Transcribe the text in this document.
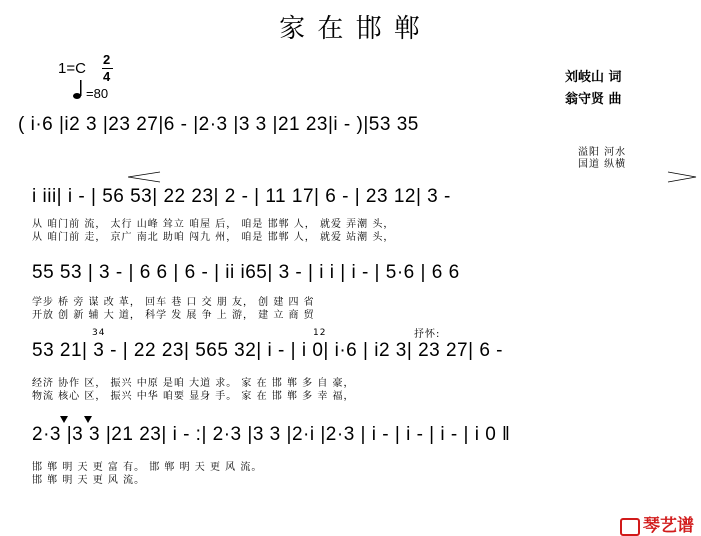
家 在 邯 郸
1=C
2
4
=80
刘岐山 词
翁守贤 曲
( i·6 |i2 3 |23 27|6 - |2·3 |3 3 |21 23|i - )|53 35
溢阳 河水
国道 纵横
i iii| i - | 56 53| 22 23| 2 - | 11 17| 6 - | 23 12| 3 -
从 咱门前 流， 太行 山峰 耸立 咱屋 后， 咱是 邯郸 人， 就爱 弄潮 头，
从 咱门前 走， 京广 南北 助咱 闯九 州， 咱是 邯郸 人， 就爱 站潮 头，
55 53 | 3 - | 6 6 | 6 - | ii i65| 3 - | i i | i - | 5·6 | 6 6
学步 桥 旁 谋 改 革， 回车 巷 口 交 朋 友， 创 建 四 省
开放 创 新 辅 大 道， 科学 发 展 争 上 游， 建 立 商 贸
34	12	抒怀:
53 21| 3 - | 22 23| 565 32| i - | i 0| i·6 | i2 3| 23 27| 6 -
经济 协作 区， 振兴 中原 是咱 大道 求。 家 在 邯 郸 多 自 豪，
物流 核心 区， 振兴 中华 咱要 显身 手。 家 在 邯 郸 多 幸 福，
2·3 |3 3 |21 23| i - :| 2·3 |3 3 |2·i |2·3 | i - | i - | i - | i 0 ‖
邯 郸 明 天 更 富 有。 邯 郸 明 天 更 风 流。
邯 郸 明 天 更 风 流。
琴艺谱
